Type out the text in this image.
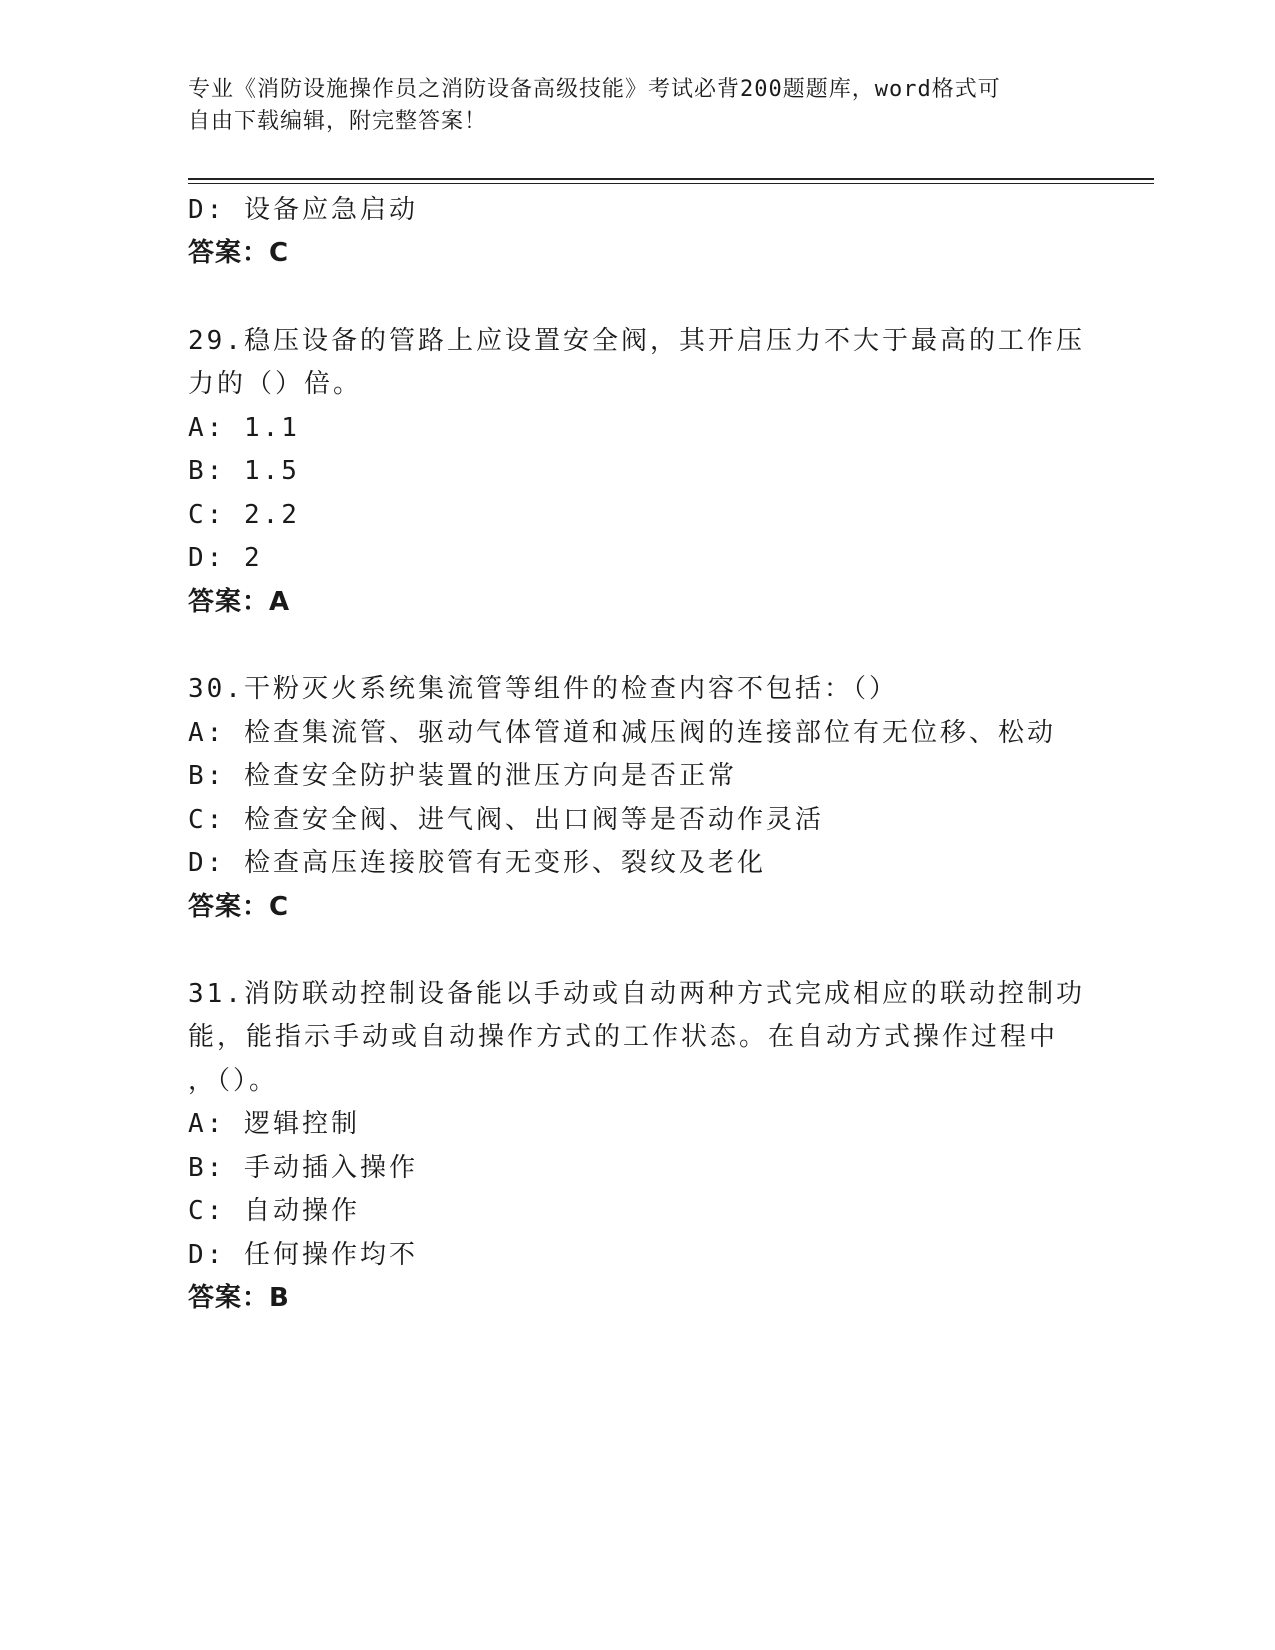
专业《消防设施操作员之消防设备高级技能》考试必背200题题库，word格式可
自由下载编辑，附完整答案！
D: 设备应急启动
答案：C
29.稳压设备的管路上应设置安全阀，其开启压力不大于最高的工作压
力的（）倍。
A: 1.1
B: 1.5
C: 2.2
D: 2
答案：A
30.干粉灭火系统集流管等组件的检查内容不包括：（）
A: 检查集流管、驱动气体管道和减压阀的连接部位有无位移、松动
B: 检查安全防护装置的泄压方向是否正常
C: 检查安全阀、进气阀、出口阀等是否动作灵活
D: 检查高压连接胶管有无变形、裂纹及老化
答案：C
31.消防联动控制设备能以手动或自动两种方式完成相应的联动控制功
能，能指示手动或自动操作方式的工作状态。在自动方式操作过程中
，（）。
A: 逻辑控制
B: 手动插入操作
C: 自动操作
D: 任何操作均不
答案：B
